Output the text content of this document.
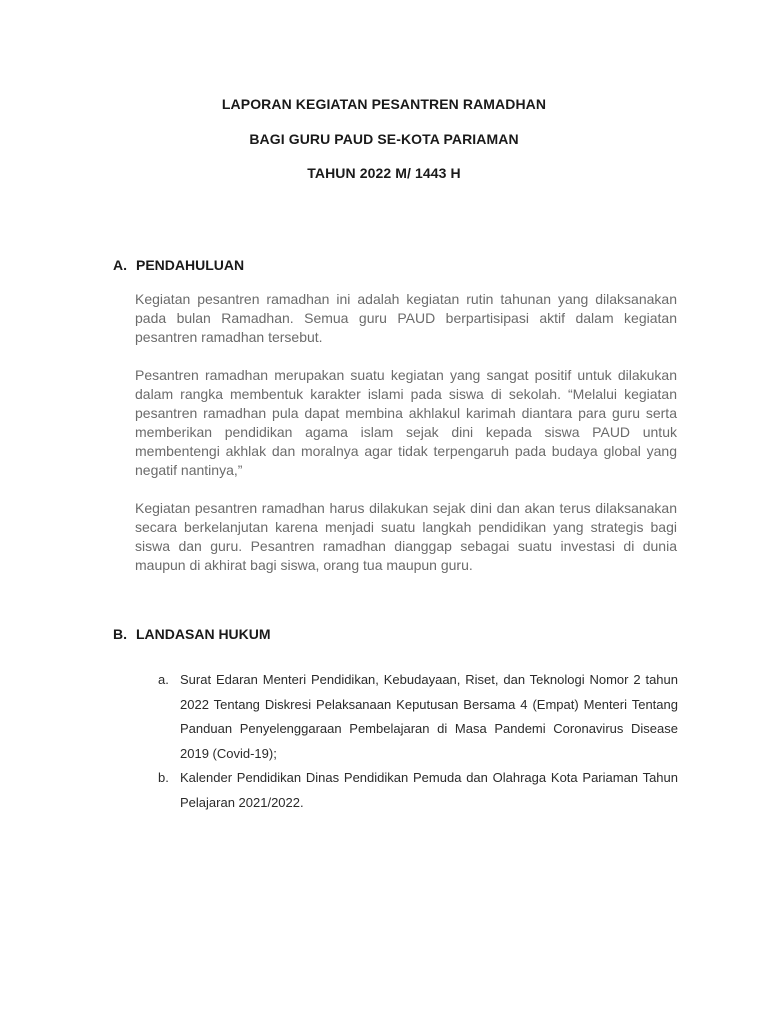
LAPORAN KEGIATAN PESANTREN RAMADHAN
BAGI GURU PAUD SE-KOTA PARIAMAN
TAHUN 2022 M/ 1443 H
A. PENDAHULUAN

Kegiatan pesantren ramadhan ini adalah kegiatan rutin tahunan yang dilaksanakan pada bulan Ramadhan. Semua guru PAUD berpartisipasi aktif dalam kegiatan pesantren ramadhan tersebut.

Pesantren ramadhan merupakan suatu kegiatan yang sangat positif untuk dilakukan dalam rangka membentuk karakter islami pada siswa di sekolah. “Melalui kegiatan pesantren ramadhan pula dapat membina akhlakul karimah diantara para guru serta memberikan pendidikan agama islam sejak dini kepada siswa PAUD untuk membentengi akhlak dan moralnya agar tidak terpengaruh pada budaya global yang negatif nantinya,”

Kegiatan pesantren ramadhan harus dilakukan sejak dini dan akan terus dilaksanakan secara berkelanjutan karena menjadi suatu langkah pendidikan yang strategis bagi siswa dan guru. Pesantren ramadhan dianggap sebagai suatu investasi di dunia maupun di akhirat bagi siswa, orang tua maupun guru.

B. LANDASAN HUKUM
a. Surat Edaran Menteri Pendidikan, Kebudayaan, Riset, dan Teknologi Nomor 2 tahun 2022 Tentang Diskresi Pelaksanaan Keputusan Bersama 4 (Empat) Menteri Tentang Panduan Penyelenggaraan Pembelajaran di Masa Pandemi Coronavirus Disease 2019 (Covid-19);
b. Kalender Pendidikan Dinas Pendidikan Pemuda dan Olahraga Kota Pariaman Tahun Pelajaran 2021/2022.
